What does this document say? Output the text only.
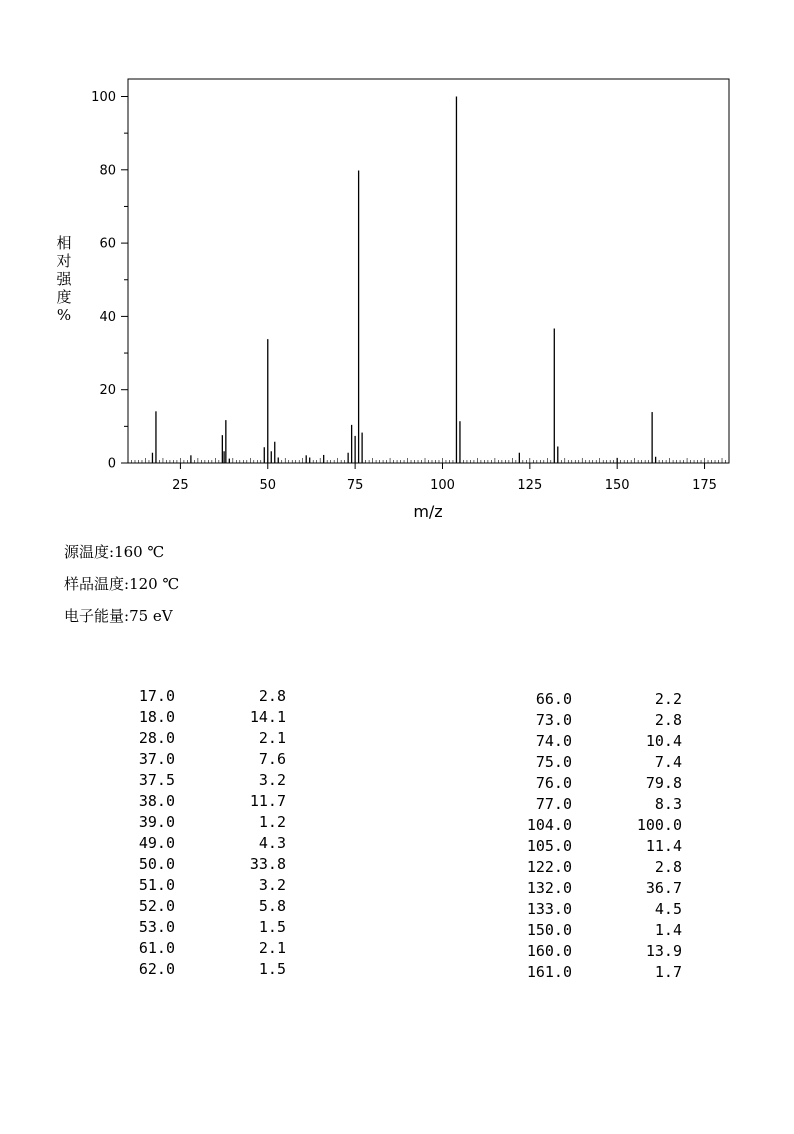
25	50	75	100	125	150	175
0
20
40
60
80
100
m/z
相对强度%
源温度:160 ℃
样品温度:120 ℃
电子能量:75 eV
17.0	2.8
18.0	14.1
28.0	2.1
37.0	7.6
37.5	3.2
38.0	11.7
39.0	1.2
49.0	4.3
50.0	33.8
51.0	3.2
52.0	5.8
53.0	1.5
61.0	2.1
62.0	1.5
66.0	2.2
73.0	2.8
74.0	10.4
75.0	7.4
76.0	79.8
77.0	8.3
104.0	100.0
105.0	11.4
122.0	2.8
132.0	36.7
133.0	4.5
150.0	1.4
160.0	13.9
161.0	1.7
